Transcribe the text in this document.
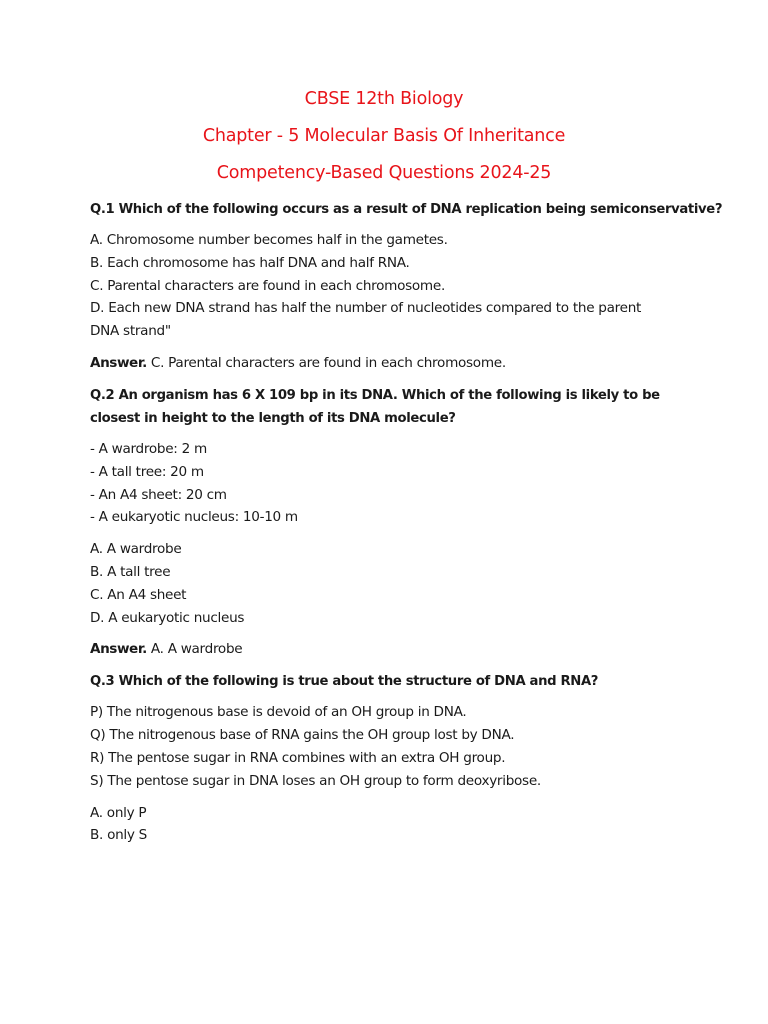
CBSE 12th Biology
Chapter - 5 Molecular Basis Of Inheritance
Competency-Based Questions 2024-25
Q.1 Which of the following occurs as a result of DNA replication being semiconservative?
A. Chromosome number becomes half in the gametes.
B. Each chromosome has half DNA and half RNA.
C. Parental characters are found in each chromosome.
D. Each new DNA strand has half the number of nucleotides compared to the parent
DNA strand"
Answer. C. Parental characters are found in each chromosome.
Q.2 An organism has 6 X 109 bp in its DNA. Which of the following is likely to be closest in height to the length of its DNA molecule?
- A wardrobe: 2 m
- A tall tree: 20 m
- An A4 sheet: 20 cm
- A eukaryotic nucleus: 10-10 m
A. A wardrobe
B. A tall tree
C. An A4 sheet
D. A eukaryotic nucleus
Answer. A. A wardrobe
Q.3 Which of the following is true about the structure of DNA and RNA?
P) The nitrogenous base is devoid of an OH group in DNA.
Q) The nitrogenous base of RNA gains the OH group lost by DNA.
R) The pentose sugar in RNA combines with an extra OH group.
S) The pentose sugar in DNA loses an OH group to form deoxyribose.
A. only P
B. only S
